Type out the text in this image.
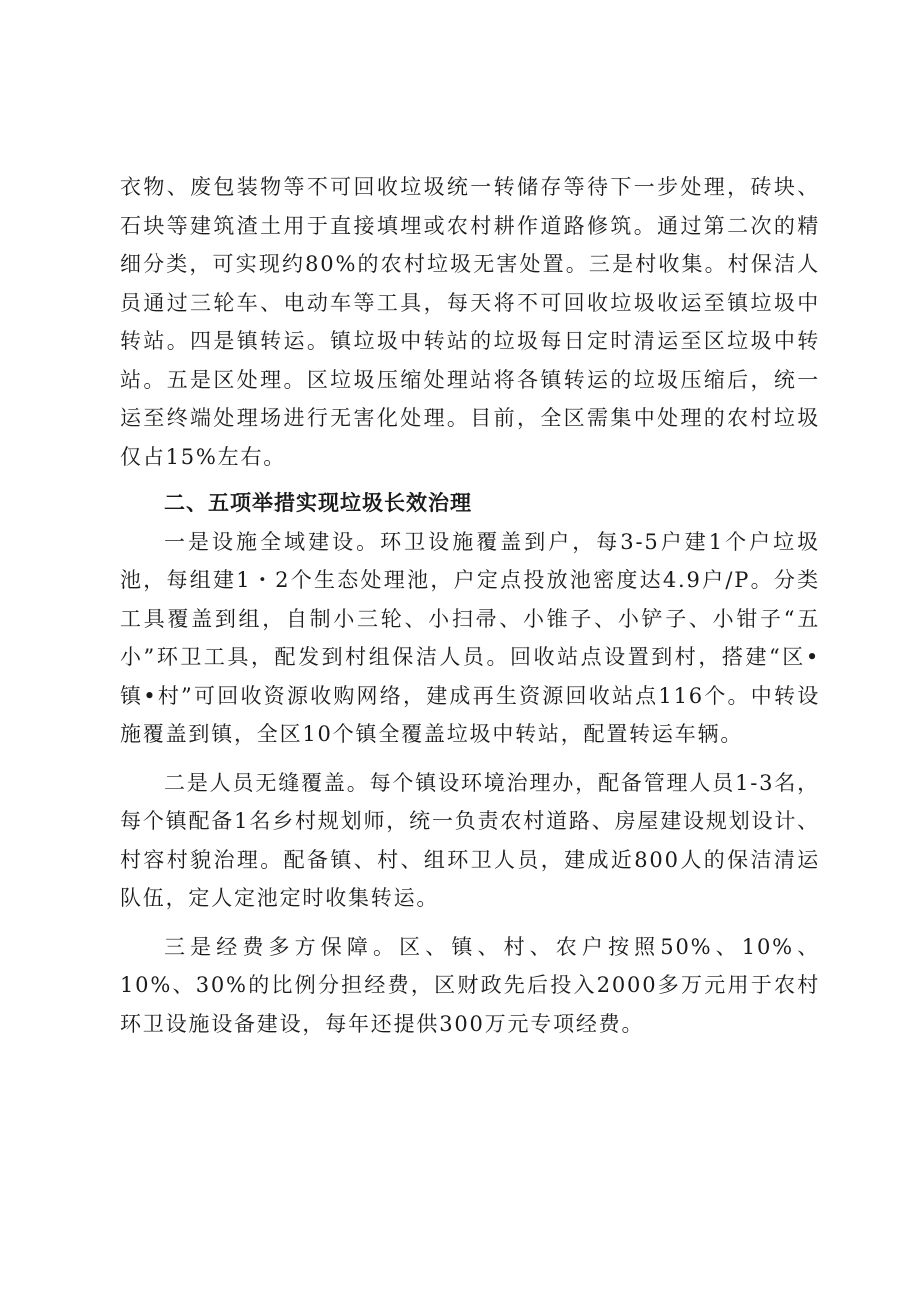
衣物、废包装物等不可回收垃圾统一转储存等待下一步处理，砖块、石块等建筑渣土用于直接填埋或农村耕作道路修筑。通过第二次的精细分类，可实现约80%的农村垃圾无害处置。三是村收集。村保洁人员通过三轮车、电动车等工具，每天将不可回收垃圾收运至镇垃圾中转站。四是镇转运。镇垃圾中转站的垃圾每日定时清运至区垃圾中转站。五是区处理。区垃圾压缩处理站将各镇转运的垃圾压缩后，统一运至终端处理场进行无害化处理。目前，全区需集中处理的农村垃圾仅占15%左右。

二、五项举措实现垃圾长效治理

一是设施全域建设。环卫设施覆盖到户，每3-5户建1个户垃圾池，每组建1・2个生态处理池，户定点投放池密度达4.9户/P。分类工具覆盖到组，自制小三轮、小扫帚、小锥子、小铲子、小钳子“五小”环卫工具，配发到村组保洁人员。回收站点设置到村，搭建“区•镇•村”可回收资源收购网络，建成再生资源回收站点116个。中转设施覆盖到镇，全区10个镇全覆盖垃圾中转站，配置转运车辆。

二是人员无缝覆盖。每个镇设环境治理办，配备管理人员1-3名，每个镇配备1名乡村规划师，统一负责农村道路、房屋建设规划设计、村容村貌治理。配备镇、村、组环卫人员，建成近800人的保洁清运队伍，定人定池定时收集转运。

三是经费多方保障。区、镇、村、农户按照50%、10%、10%、30%的比例分担经费，区财政先后投入2000多万元用于农村环卫设施设备建设，每年还提供300万元专项经费。
